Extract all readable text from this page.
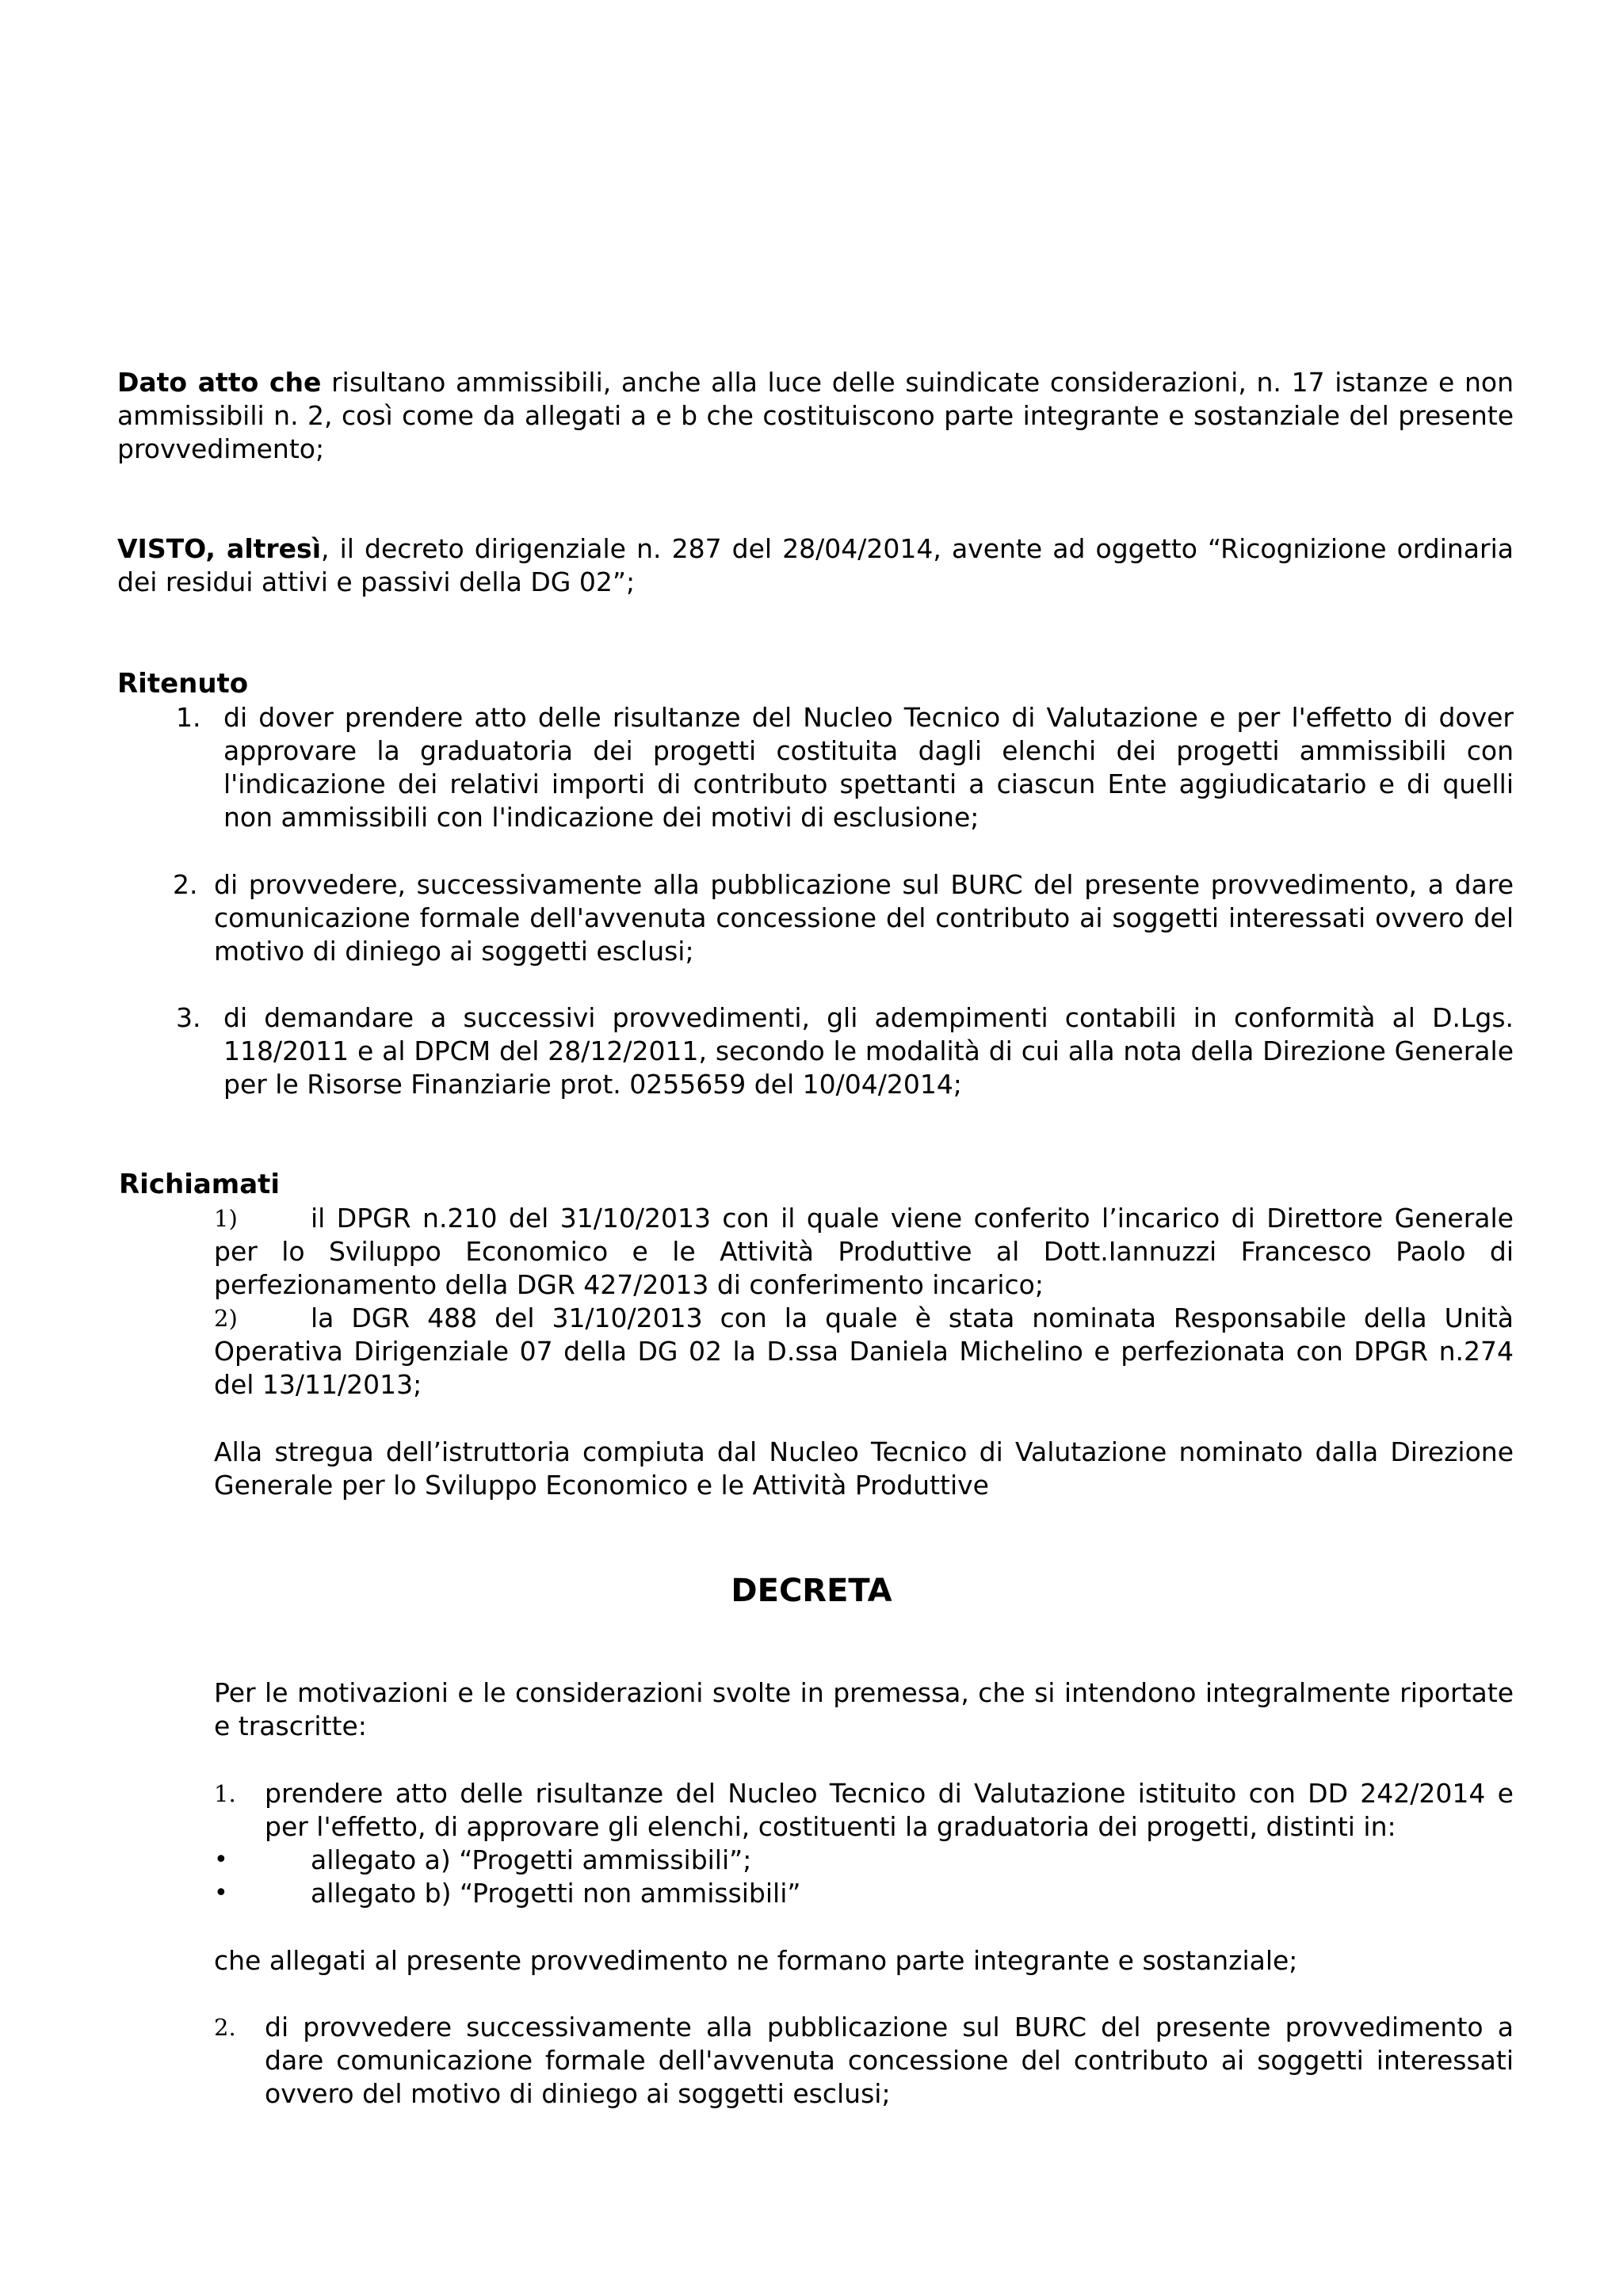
Dato atto che risultano ammissibili, anche alla luce delle suindicate considerazioni, n. 17 istanze e non ammissibili n. 2, così come da allegati a e b che costituiscono parte integrante e sostanziale del presente provvedimento;

VISTO, altresì, il decreto dirigenziale n. 287 del 28/04/2014, avente ad oggetto “Ricognizione ordinaria dei residui attivi e passivi della DG 02”;

Ritenuto
1. di dover prendere atto delle risultanze del Nucleo Tecnico di Valutazione e per l'effetto di dover approvare la graduatoria dei progetti costituita dagli elenchi dei progetti ammissibili con l'indicazione dei relativi importi di contributo spettanti a ciascun Ente aggiudicatario e di quelli non ammissibili con l'indicazione dei motivi di esclusione;
2. di provvedere, successivamente alla pubblicazione sul BURC del presente provvedimento, a dare comunicazione formale dell'avvenuta concessione del contributo ai soggetti interessati ovvero del motivo di diniego ai soggetti esclusi;
3. di demandare a successivi provvedimenti, gli adempimenti contabili in conformità al D.Lgs. 118/2011 e al DPCM del 28/12/2011, secondo le modalità di cui alla nota della Direzione Generale per le Risorse Finanziarie prot. 0255659 del 10/04/2014;
Richiamati
1)	il DPGR n.210 del 31/10/2013 con il quale viene conferito l’incarico di Direttore Generale per lo Sviluppo Economico e le Attività Produttive al Dott.Iannuzzi Francesco Paolo di perfezionamento della DGR 427/2013 di conferimento incarico;
2)	la DGR 488 del 31/10/2013 con la quale è stata nominata Responsabile della Unità Operativa Dirigenziale 07 della DG 02 la D.ssa Daniela Michelino e perfezionata con DPGR n.274 del 13/11/2013;
Alla stregua dell’istruttoria compiuta dal Nucleo Tecnico di Valutazione nominato dalla Direzione Generale per lo Sviluppo Economico e le Attività Produttive
DECRETA
Per le motivazioni e le considerazioni svolte in premessa, che si intendono integralmente riportate e trascritte:
1. prendere atto delle risultanze del Nucleo Tecnico di Valutazione istituito con DD 242/2014 e per l'effetto, di approvare gli elenchi, costituenti la graduatoria dei progetti, distinti in:
•	allegato a) “Progetti ammissibili”;
•	allegato b) “Progetti non ammissibili”
che allegati al presente provvedimento ne formano parte integrante e sostanziale;
2. di provvedere successivamente alla pubblicazione sul BURC del presente provvedimento a dare comunicazione formale dell'avvenuta concessione del contributo ai soggetti interessati ovvero del motivo di diniego ai soggetti esclusi;
